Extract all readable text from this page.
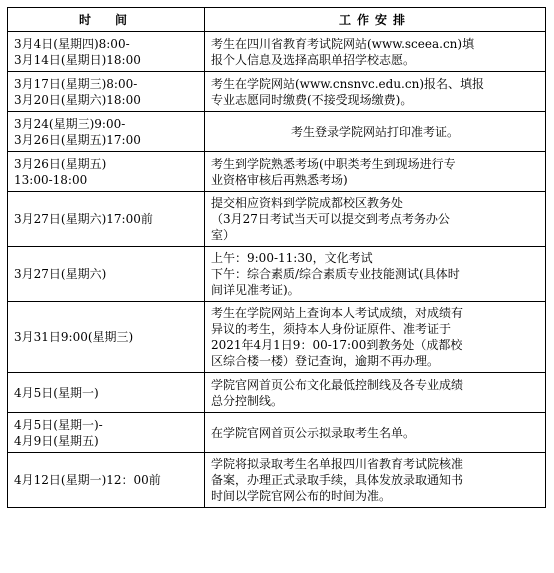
时　间	工作安排

3月4日(星期四)8:00-
3月14日(星期日)18:00	考生在四川省教育考试院网站(www.sceea.cn)填
报个人信息及选择高职单招学校志愿。

3月17日(星期三)8:00-
3月20日(星期六)18:00	考生在学院网站(www.cnsnvc.edu.cn)报名、填报
专业志愿同时缴费(不接受现场缴费)。

3月24(星期三)9:00-
3月26日(星期五)17:00	考生登录学院网站打印准考证。

3月26日(星期五)
13:00-18:00	考生到学院熟悉考场(中职类考生到现场进行专
业资格审核后再熟悉考场)

3月27日(星期六)17:00前	提交相应资料到学院成都校区教务处
（3月27日考试当天可以提交到考点考务办公
室）

3月27日(星期六)	上午：9:00-11:30，文化考试
下午：综合素质/综合素质专业技能测试(具体时
间详见准考证)。

3月31日9:00(星期三)	考生在学院网站上查询本人考试成绩，对成绩有
异议的考生，须持本人身份证原件、准考证于
2021年4月1日9：00-17:00到教务处（成都校
区综合楼一楼）登记查询，逾期不再办理。

4月5日(星期一)	学院官网首页公布文化最低控制线及各专业成绩
总分控制线。

4月5日(星期一)-
4月9日(星期五)	在学院官网首页公示拟录取考生名单。

4月12日(星期一)12：00前	学院将拟录取考生名单报四川省教育考试院核准
备案，办理正式录取手续，具体发放录取通知书
时间以学院官网公布的时间为准。
